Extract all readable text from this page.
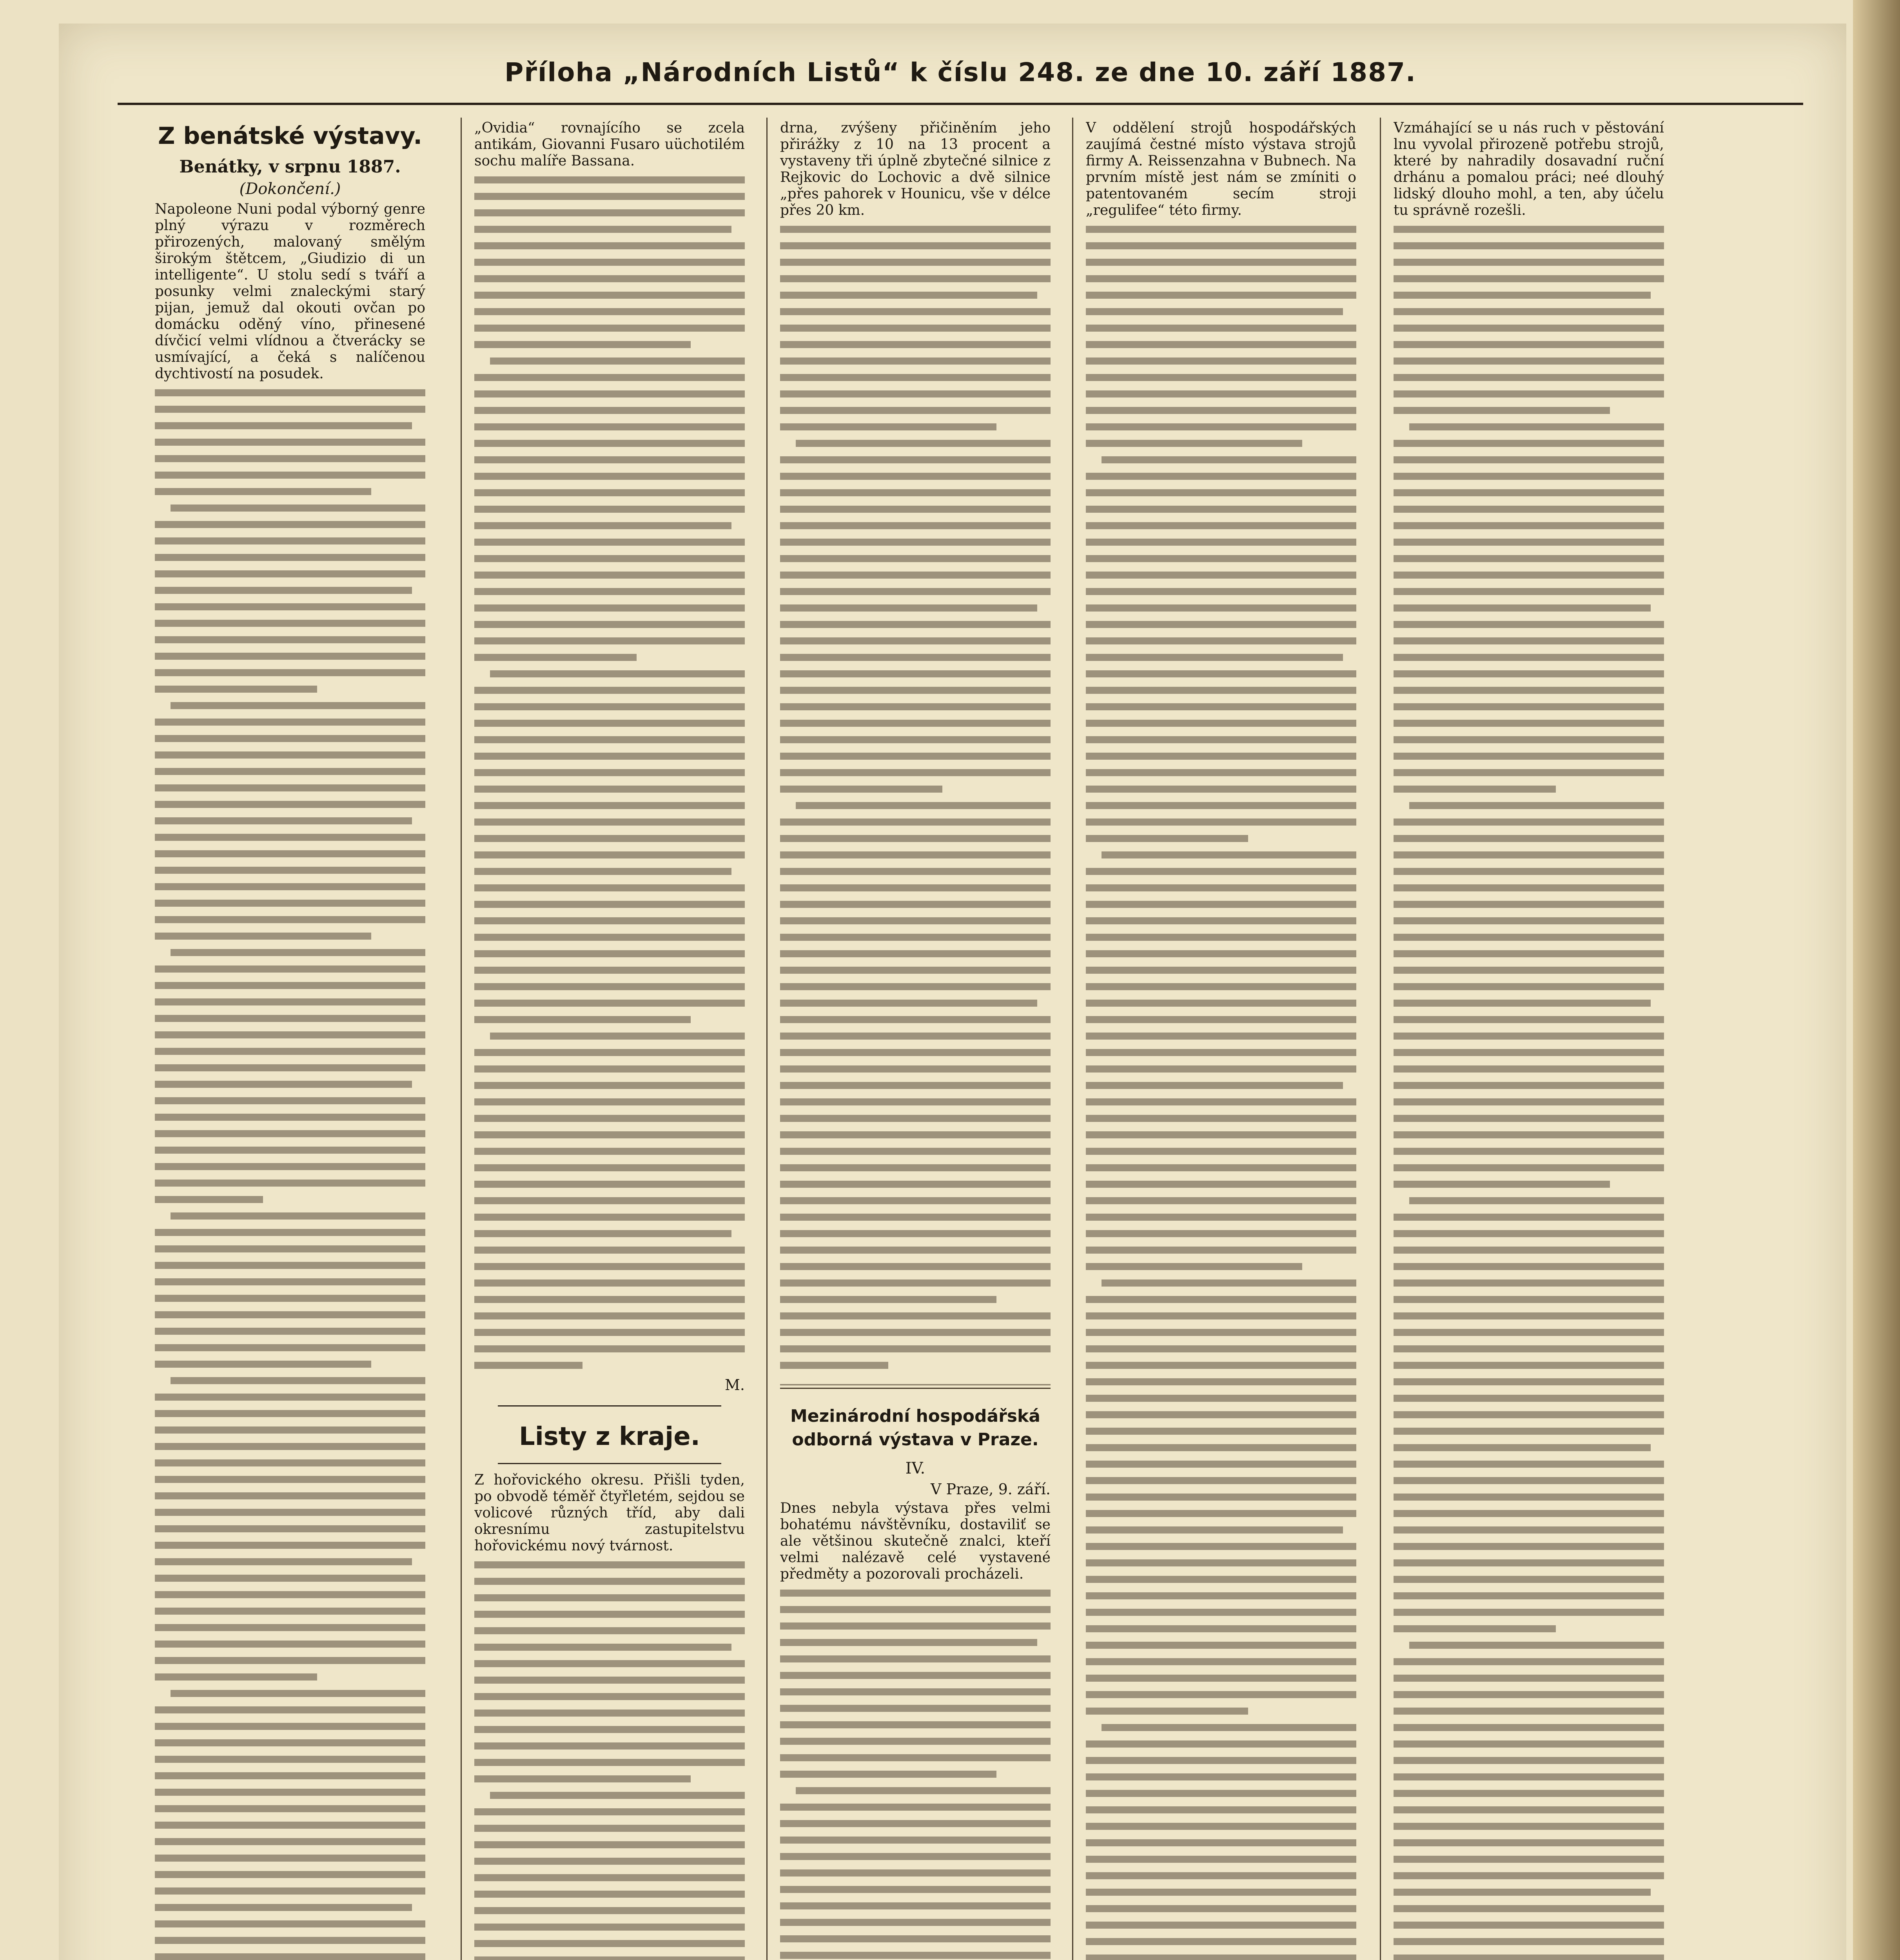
Příloha „Národních Listů“ k číslu 248. ze dne 10. září 1887.
Z benátské výstavy.
Benátky, v srpnu 1887.
(Dokončení.)
Napoleone Nuni podal výborný genre plný výrazu v rozměrech přirozených, malovaný smělým širokým štětcem, „Giudizio di un intelligente“. U stolu sedí s tváří a posunky velmi znaleckými starý pijan, jemuž dal okouti ovčan po domácku oděný víno, přinesené dívčicí velmi vlídnou a čtverácky se usmívající, a čeká s nalíčenou dychtivostí na posudek.
„Ovidia“ rovnajícího se zcela antikám, Giovanni Fusaro uüchotilém sochu malíře Bassana.
M.
Listy z kraje.
Z hořovického okresu. Přišli tyden, po obvodě téměř čtyřletém, sejdou se volicové různých tříd, aby dali okresnímu zastupitelstvu hořovickému nový tvárnost.
drna, zvýšeny přičiněním jeho přirážky z 10 na 13 procent a vystaveny tři úplně zbytečné silnice z Rejkovic do Lochovic a dvě silnice „přes pahorek v Hounicu, vše v délce přes 20 km.
Mezinárodní hospodářská odborná výstava v Praze.
IV.
V Praze, 9. září.
Dnes nebyla výstava přes velmi bohatému návštěvníku, dostaviliť se ale většinou skutečně znalci, kteří velmi nalézavě celé vystavené předměty a pozorovali procházeli.
V oddělení strojů hospodářských zaujímá čestné místo výstava strojů firmy A. Reissenzahna v Bubnech. Na prvním místě jest nám se zmíniti o patentovaném secím stroji „regulifee“ této firmy.
Vzmáhající se u nás ruch v pěstování lnu vyvolal přirozeně potřebu strojů, které by nahradily dosavadní ruční drhánu a pomalou práci; neé dlouhý lidský dlouho mohl, a ten, aby účelu tu správně rozešli.
